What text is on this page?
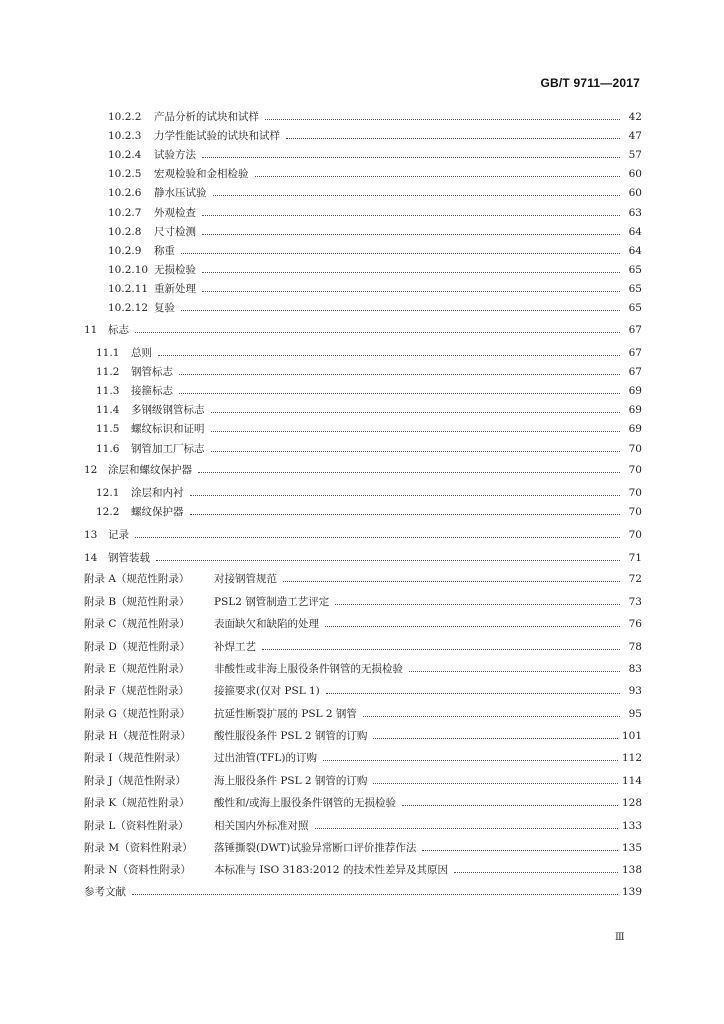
GB/T 9711—2017
10.2.2	产品分析的试块和试样	42
10.2.3	力学性能试验的试块和试样	47
10.2.4	试验方法	57
10.2.5	宏观检验和金相检验	60
10.2.6	静水压试验	60
10.2.7	外观检查	63
10.2.8	尺寸检测	64
10.2.9	称重	64
10.2.10 无损检验	65
10.2.11 重新处理	65
10.2.12 复验	65
11	标志	67
11.1	总则	67
11.2	钢管标志	67
11.3	接箍标志	69
11.4	多钢级钢管标志	69
11.5	螺纹标识和证明	69
11.6	钢管加工厂标志	70
12	涂层和螺纹保护器	70
12.1	涂层和内衬	70
12.2	螺纹保护器	70
13	记录	70
14	钢管装载	71
附录 A（规范性附录）	对接钢管规范	72
附录 B（规范性附录）	PSL2 钢管制造工艺评定	73
附录 C（规范性附录）	表面缺欠和缺陷的处理	76
附录 D（规范性附录）	补焊工艺	78
附录 E（规范性附录）	非酸性或非海上服役条件钢管的无损检验	83
附录 F（规范性附录）	接箍要求(仅对 PSL 1)	93
附录 G（规范性附录）	抗延性断裂扩展的 PSL 2 钢管	95
附录 H（规范性附录）	酸性服役条件 PSL 2 钢管的订购	101
附录 I（规范性附录）	过出油管(TFL)的订购	112
附录 J（规范性附录）	海上服役条件 PSL 2 钢管的订购	114
附录 K（规范性附录）	酸性和/或海上服役条件钢管的无损检验	128
附录 L（资料性附录）	相关国内外标准对照	133
附录 M（资料性附录）	落锤撕裂(DWT)试验异常断口评价推荐作法	135
附录 N（资料性附录）	本标准与 ISO 3183:2012 的技术性差异及其原因	138
参考文献	139
Ⅲ
